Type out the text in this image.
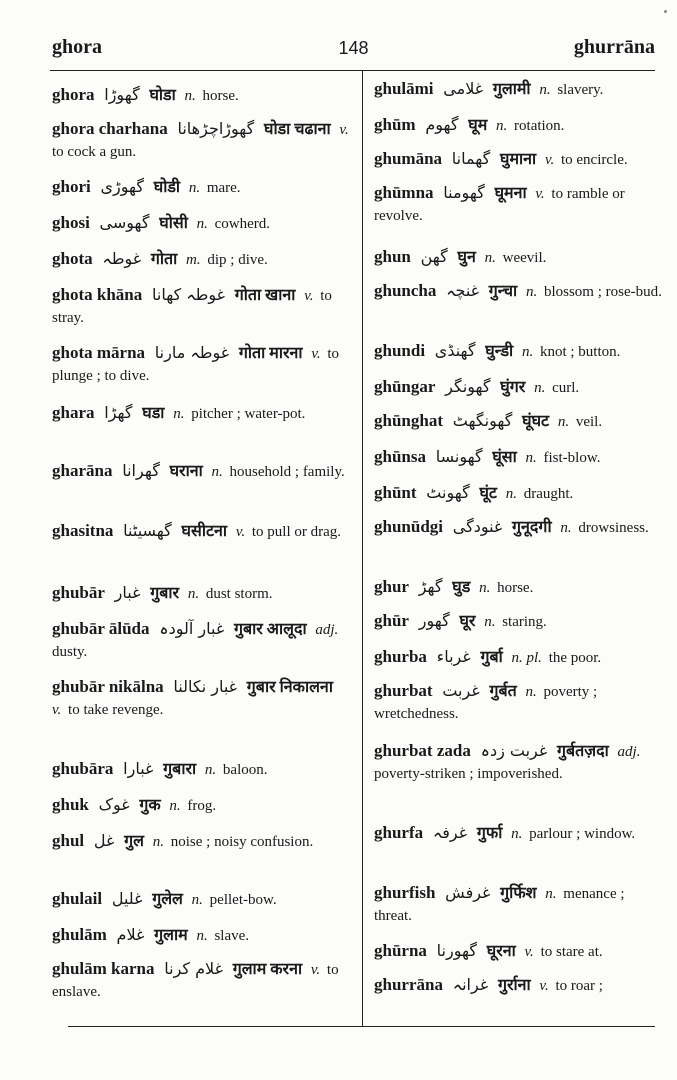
ghora	148	ghurrāna
ghora گھوڑا घोडा n. horse.
ghora charhana گھوڑاچڑھانا घोडा चढाना v. to cock a gun.
ghori گھوڑی घोडी n. mare.
ghosi گھوسی घोसी n. cowherd.
ghota غوطہ गोता m. dip ; dive.
ghota khāna غوطہ کھانا गोता खाना v. to stray.
ghota mārna غوطہ مارنا गोता मारना v. to plunge ; to dive.
ghara گھڑا घडा n. pitcher ; water-pot.
gharāna گھرانا घराना n. household ; family.
ghasitna گھسیٹنا घसीटना v. to pull or drag.
ghubār غبار गुबार n. dust storm.
ghubār ālūda غبار آلودہ गुबार आलूदा adj. dusty.
ghubār nikālna غبار نکالنا गुबार निकालना v. to take revenge.
ghubāra غبارا गुबारा n. baloon.
ghuk غوک गुक n. frog.
ghul غل गुल n. noise ; noisy confusion.
ghulail غلیل गुलेल n. pellet-bow.
ghulām غلام गुलाम n. slave.
ghulām karna غلام کرنا गुलाम करना v. to enslave.
ghulāmi غلامی गुलामी n. slavery.
ghūm گھوم घूम n. rotation.
ghumāna گھمانا घुमाना v. to encircle.
ghūmna گھومنا घूमना v. to ramble or revolve.
ghun گھن घुन n. weevil.
ghuncha غنچہ गुन्चा n. blossom ; rose-bud.
ghundi گھنڈی घुन्डी n. knot ; button.
ghūngar گھونگر घुंगर n. curl.
ghūnghat گھونگھٹ घूंघट n. veil.
ghūnsa گھونسا घूंसा n. fist-blow.
ghūnt گھونٹ घूंट n. draught.
ghunūdgi غنودگی गुनूदगी n. drowsiness.
ghur گھڑ घुड n. horse.
ghūr گھور घूर n. staring.
ghurba غرباء गुर्बा n. pl. the poor.
ghurbat غربت गुर्बत n. poverty ; wretchedness.
ghurbat zada غربت زدہ गुर्बतज़दा adj. poverty-striken ; impoverished.
ghurfa غرفہ गुर्फा n. parlour ; window.
ghurfish غرفش गुर्फिश n. menance ; threat.
ghūrna گھورنا घूरना v. to stare at.
ghurrāna غرانہ गुर्राना v. to roar ;
